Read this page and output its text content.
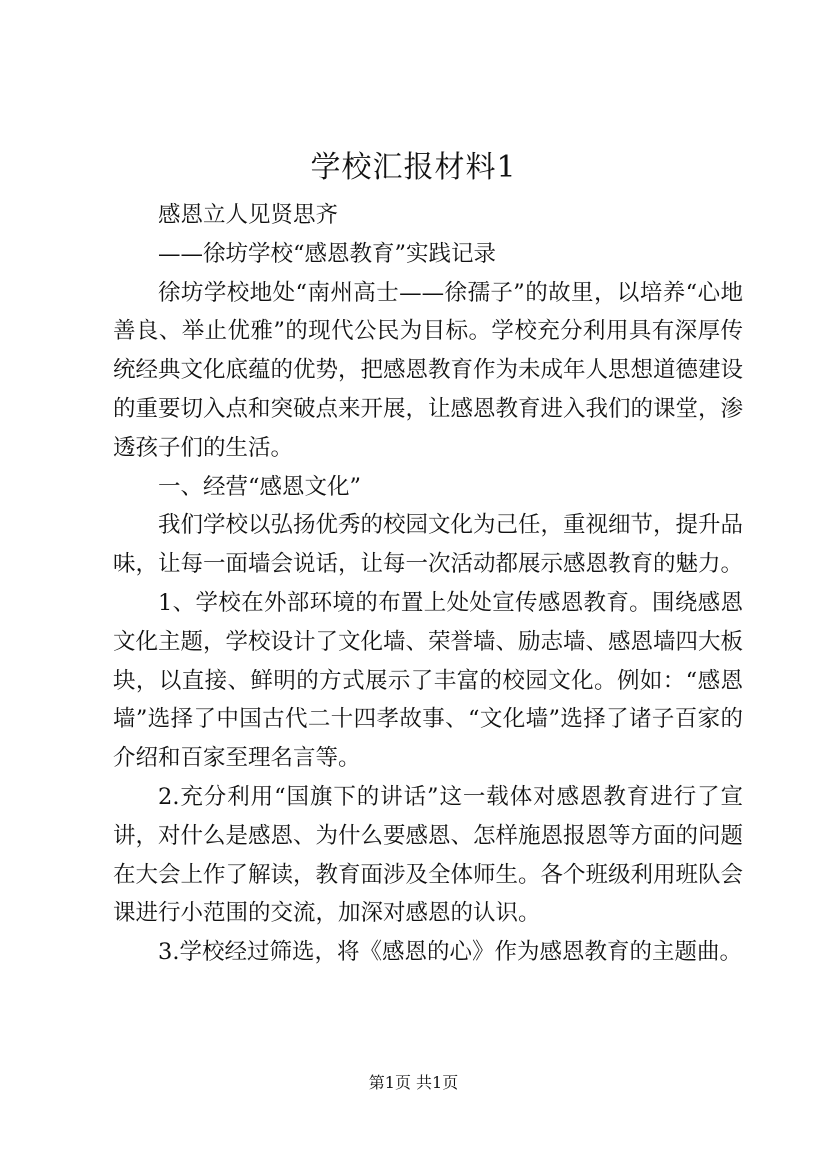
学校汇报材料1

感恩立人见贤思齐

——徐坊学校“感恩教育”实践记录

徐坊学校地处“南州高士——徐孺子”的故里，以培养“心地善良、举止优雅”的现代公民为目标。学校充分利用具有深厚传统经典文化底蕴的优势，把感恩教育作为未成年人思想道德建设的重要切入点和突破点来开展，让感恩教育进入我们的课堂，渗透孩子们的生活。

一、经营“感恩文化”

我们学校以弘扬优秀的校园文化为己任，重视细节，提升品味，让每一面墙会说话，让每一次活动都展示感恩教育的魅力。

1、学校在外部环境的布置上处处宣传感恩教育。围绕感恩文化主题，学校设计了文化墙、荣誉墙、励志墙、感恩墙四大板块，以直接、鲜明的方式展示了丰富的校园文化。例如：“感恩墙”选择了中国古代二十四孝故事、“文化墙”选择了诸子百家的介绍和百家至理名言等。

2.充分利用“国旗下的讲话”这一载体对感恩教育进行了宣讲，对什么是感恩、为什么要感恩、怎样施恩报恩等方面的问题在大会上作了解读，教育面涉及全体师生。各个班级利用班队会课进行小范围的交流，加深对感恩的认识。

3.学校经过筛选，将《感恩的心》作为感恩教育的主题曲。

第1页 共1页
